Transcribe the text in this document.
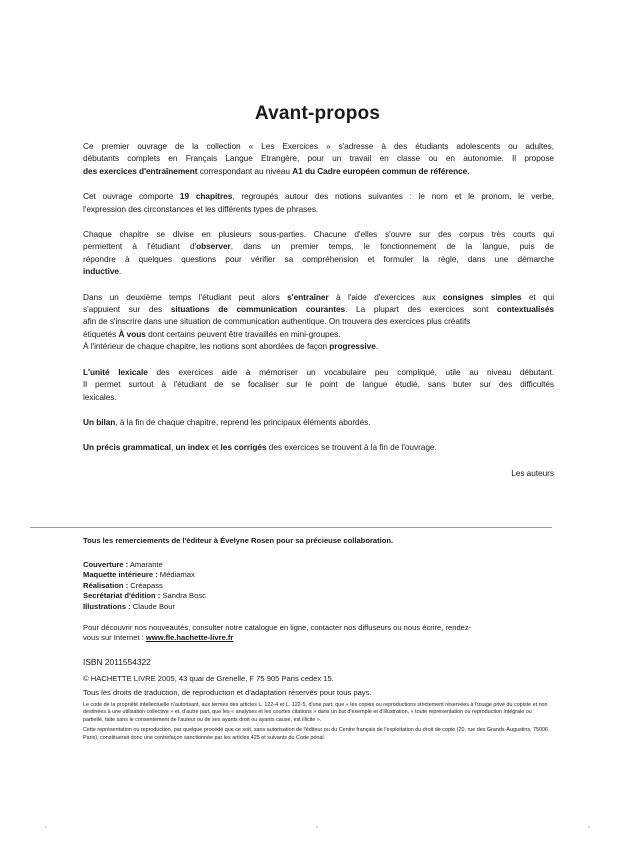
Avant-propos

Ce premier ouvrage de la collection « Les Exercices » s'adresse à des étudiants adolescents ou adultes,
débutants complets en Français Langue Etrangère, pour un travail en classe ou en autonomie. Il propose
des exercices d'entraînement correspondant au niveau A1 du Cadre européen commun de référence.

Cet ouvrage comporte 19 chapitres, regroupés autour des notions suivantes : le nom et le pronom, le verbe,
l'expression des circonstances et les différents types de phrases.

Chaque chapitre se divise en plusieurs sous-parties. Chacune d'elles s'ouvre sur des corpus très courts qui
permettent à l'étudiant d'observer, dans un premier temps, le fonctionnement de la langue, puis de
répondre à quelques questions pour vérifier sa compréhension et formuler la règle, dans une démarche
inductive.

Dans un deuxième temps l'étudiant peut alors s'entraîner à l'aide d'exercices aux consignes simples et qui
s'appuient sur des situations de communication courantes. La plupart des exercices sont contextualisés
afin de s'inscrire dans une situation de communication authentique. On trouvera des exercices plus créatifs
étiquetés À vous dont certains peuvent être travaillés en mini-groupes.
À l'intérieur de chaque chapitre, les notions sont abordées de façon progressive.

L'unité lexicale des exercices aide à mémoriser un vocabulaire peu compliqué, utile au niveau débutant.
Il permet surtout à l'étudiant de se focaliser sur le point de langue étudié, sans buter sur des difficultés
lexicales.

Un bilan, à la fin de chaque chapitre, reprend les principaux éléments abordés.

Un précis grammatical, un index et les corrigés des exercices se trouvent à la fin de l'ouvrage.

Les auteurs

Tous les remerciements de l'éditeur à Évelyne Rosen pour sa précieuse collaboration.

Couverture : Amarante
Maquette intérieure : Médiamax
Réalisation : Créapass
Secrétariat d'édition : Sandra Bosc
Illustrations : Claude Bour

Pour découvrir nos nouveautés, consulter notre catalogue en ligne, contacter nos diffuseurs ou nous écrire, rendez-
vous sur Internet : www.fle.hachette-livre.fr

ISBN 2011554322

© HACHETTE LIVRE 2005, 43 quai de Grenelle, F 75 905 Paris cedex 15.

Tous les droits de traduction, de reproduction et d'adaptation réservés pour tous pays.

Le code de la propriété intellectuelle n'autorisant, aux termes des articles L. 122-4 et L. 122-5, d'une part, que « les copies ou reproductions strictement réservées à l'usage privé du copiste et non destinées à une utilisation collective » et, d'autre part, que les « analyses et les courtes citations » dans un but d'exemple et d'illustration, « toute représentation ou reproduction intégrale ou partielle, faite sans le consentement de l'auteur ou de ses ayants droit ou ayants cause, est illicite ».

Cette représentation ou reproduction, par quelque procédé que ce soit, sans autorisation de l'éditeur ou du Centre français de l'exploitation du droit de copie (20, rue des Grands-Augustins, 75006 Paris), constituerait donc une contrefaçon sanctionnée par les articles 425 et suivants du Code pénal.
